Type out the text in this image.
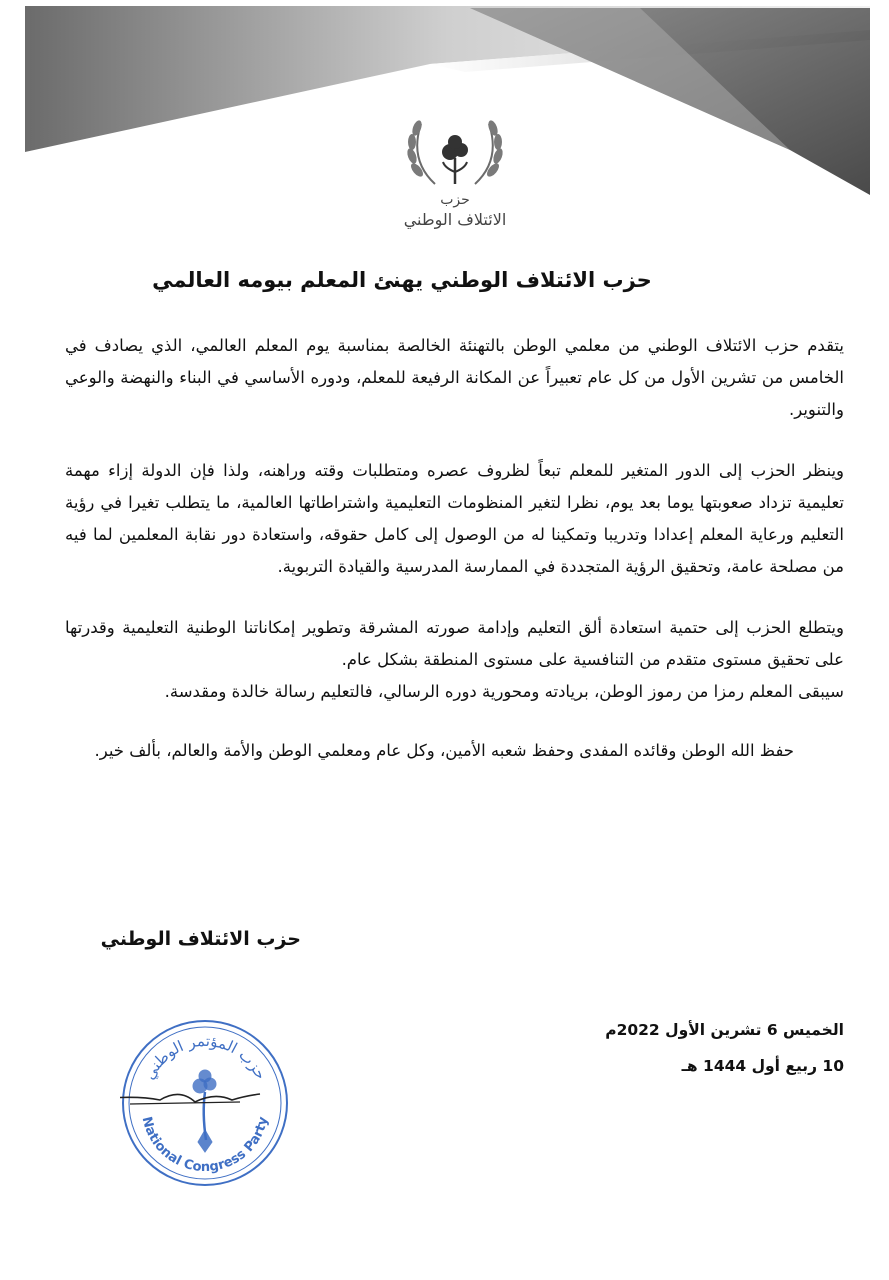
حزب
الائتلاف الوطني
حزب الائتلاف الوطني يهنئ المعلم بيومه العالمي

يتقدم حزب الائتلاف الوطني من معلمي الوطن بالتهنئة الخالصة بمناسبة يوم المعلم العالمي، الذي يصادف في الخامس من تشرين الأول من كل عام تعبيراً عن المكانة الرفيعة للمعلم، ودوره الأساسي في البناء والنهضة والوعي والتنوير.

وينظر الحزب إلى الدور المتغير للمعلم تبعاً لظروف عصره ومتطلبات وقته وراهنه، ولذا فإن الدولة إزاء مهمة تعليمية تزداد صعوبتها يوما بعد يوم، نظرا لتغير المنظومات التعليمية واشتراطاتها العالمية، ما يتطلب تغيرا في رؤية التعليم ورعاية المعلم إعدادا وتدريبا وتمكينا له من الوصول إلى كامل حقوقه، واستعادة دور نقابة المعلمين لما فيه من مصلحة عامة، وتحقيق الرؤية المتجددة في الممارسة المدرسية والقيادة التربوية.

ويتطلع الحزب إلى حتمية استعادة ألق التعليم وإدامة صورته المشرقة وتطوير إمكاناتنا الوطنية التعليمية وقدرتها على تحقيق مستوى متقدم من التنافسية على مستوى المنطقة بشكل عام.

سيبقى المعلم رمزا من رموز الوطن، بريادته ومحورية دوره الرسالي، فالتعليم رسالة خالدة ومقدسة.

حفظ الله الوطن وقائده المفدى وحفظ شعبه الأمين، وكل عام ومعلمي الوطن والأمة والعالم، بألف خير.

حزب الائتلاف الوطني
الخميس 6 تشرين الأول 2022م
10 ربيع أول 1444 هـ
حزب المؤتمر الوطني
National Congress Party
